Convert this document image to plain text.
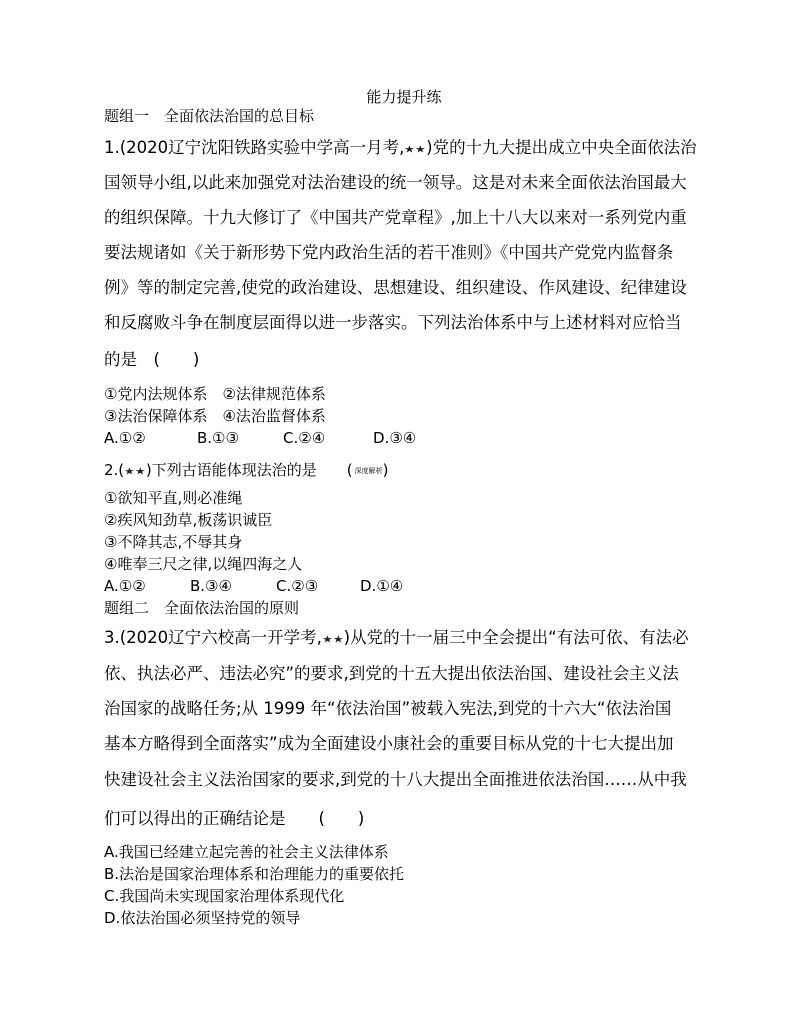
能力提升练
题组一　全面依法治国的总目标
1.(2020辽宁沈阳铁路实验中学高一月考,★★)党的十九大提出成立中央全面依法治
国领导小组,以此来加强党对法治建设的统一领导。这是对未来全面依法治国最大
的组织保障。十九大修订了《中国共产党章程》,加上十八大以来对一系列党内重
要法规诸如《关于新形势下党内政治生活的若干准则》《中国共产党党内监督条
例》等的制定完善,使党的政治建设、思想建设、组织建设、作风建设、纪律建设
和反腐败斗争在制度层面得以进一步落实。下列法治体系中与上述材料对应恰当
的是　(　　)
①党内法规体系　②法律规范体系
③法治保障体系　④法治监督体系
A.①②	B.①③	C.②④	D.③④
2.(★★)下列古语能体现法治的是 ( 深度解析)
①欲知平直,则必准绳
②疾风知劲草,板荡识诚臣
③不降其志,不辱其身
④唯奉三尺之律,以绳四海之人
A.①②	B.③④	C.②③	D.①④
题组二　全面依法治国的原则
3.(2020辽宁六校高一开学考,★★)从党的十一届三中全会提出“有法可依、有法必
依、执法必严、违法必究”的要求,到党的十五大提出依法治国、建设社会主义法
治国家的战略任务;从 1999 年“依法治国”被载入宪法,到党的十六大“依法治国
基本方略得到全面落实”成为全面建设小康社会的重要目标从党的十七大提出加
快建设社会主义法治国家的要求,到党的十八大提出全面推进依法治国……从中我
们可以得出的正确结论是　　(　　)
A.我国已经建立起完善的社会主义法律体系
B.法治是国家治理体系和治理能力的重要依托
C.我国尚未实现国家治理体系现代化
D.依法治国必须坚持党的领导
